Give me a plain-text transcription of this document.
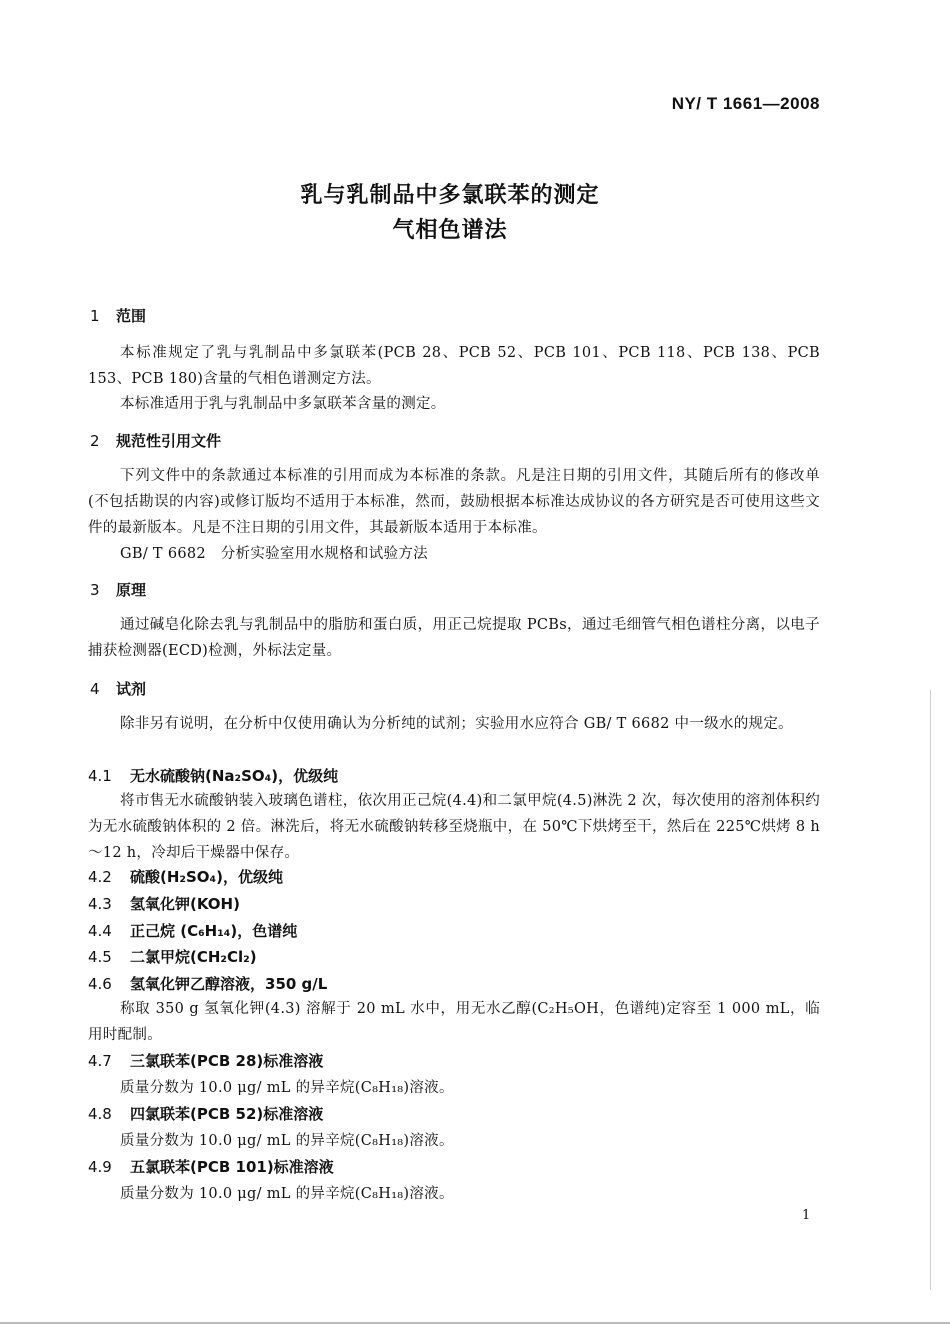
NY/ T 1661—2008
乳与乳制品中多氯联苯的测定
气相色谱法
1 范围
本标准规定了乳与乳制品中多氯联苯(PCB 28、PCB 52、PCB 101、PCB 118、PCB 138、PCB 153、PCB 180)含量的气相色谱测定方法。
本标准适用于乳与乳制品中多氯联苯含量的测定。
2 规范性引用文件
下列文件中的条款通过本标准的引用而成为本标准的条款。凡是注日期的引用文件，其随后所有的修改单(不包括勘误的内容)或修订版均不适用于本标准，然而，鼓励根据本标准达成协议的各方研究是否可使用这些文件的最新版本。凡是不注日期的引用文件，其最新版本适用于本标准。
GB/ T 6682　分析实验室用水规格和试验方法
3 原理
通过碱皂化除去乳与乳制品中的脂肪和蛋白质，用正己烷提取 PCBs，通过毛细管气相色谱柱分离，以电子捕获检测器(ECD)检测，外标法定量。
4 试剂
除非另有说明，在分析中仅使用确认为分析纯的试剂；实验用水应符合 GB/ T 6682 中一级水的规定。
4.1 无水硫酸钠(Na₂SO₄)，优级纯
将市售无水硫酸钠装入玻璃色谱柱，依次用正己烷(4.4)和二氯甲烷(4.5)淋洗 2 次，每次使用的溶剂体积约为无水硫酸钠体积的 2 倍。淋洗后，将无水硫酸钠转移至烧瓶中，在 50℃下烘烤至干，然后在 225℃烘烤 8 h～12 h，冷却后干燥器中保存。
4.2 硫酸(H₂SO₄)，优级纯
4.3 氢氧化钾(KOH)
4.4 正己烷 (C₆H₁₄)，色谱纯
4.5 二氯甲烷(CH₂Cl₂)
4.6 氢氧化钾乙醇溶液，350 g/L
称取 350 g 氢氧化钾(4.3) 溶解于 20 mL 水中，用无水乙醇(C₂H₅OH，色谱纯)定容至 1 000 mL，临用时配制。
4.7 三氯联苯(PCB 28)标准溶液
质量分数为 10.0 μg/ mL 的异辛烷(C₈H₁₈)溶液。
4.8 四氯联苯(PCB 52)标准溶液
质量分数为 10.0 μg/ mL 的异辛烷(C₈H₁₈)溶液。
4.9 五氯联苯(PCB 101)标准溶液
质量分数为 10.0 μg/ mL 的异辛烷(C₈H₁₈)溶液。
1
